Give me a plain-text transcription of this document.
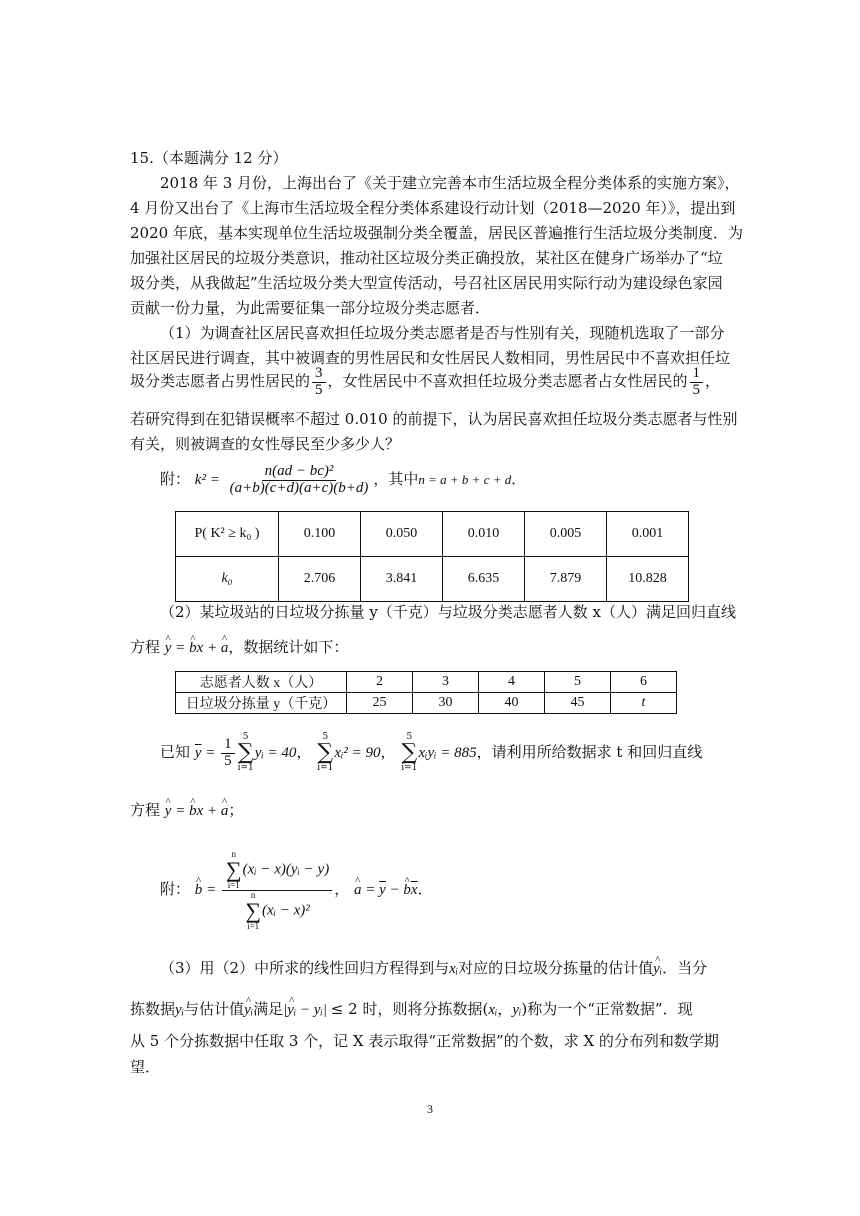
15.（本题满分 12 分）
2018 年 3 月份，上海出台了《关于建立完善本市生活垃圾全程分类体系的实施方案》，
4 月份又出台了《上海市生活垃圾全程分类体系建设行动计划（2018—2020 年）》，提出到
2020 年底，基本实现单位生活垃圾强制分类全覆盖，居民区普遍推行生活垃圾分类制度．为
加强社区居民的垃圾分类意识，推动社区垃圾分类正确投放，某社区在健身广场举办了“垃
圾分类，从我做起”生活垃圾分类大型宣传活动，号召社区居民用实际行动为建设绿色家园
贡献一份力量，为此需要征集一部分垃圾分类志愿者．
（1）为调查社区居民喜欢担任垃圾分类志愿者是否与性别有关，现随机选取了一部分
社区居民进行调查，其中被调查的男性居民和女性居民人数相同，男性居民中不喜欢担任垃
圾分类志愿者占男性居民的 $\frac{3}{5}$ ，女性居民中不喜欢担任垃圾分类志愿者占女性居民的 $\frac{1}{5}$ ，
若研究得到在犯错误概率不超过 0.010 的前提下，认为居民喜欢担任垃圾分类志愿者与性别
有关，则被调查的女性辱民至少多少人？
附： $k^2 = \frac{\text{n(ad − bc)²}}{(a+b)(c+d)(a+c)(b+d)}$ ，其中n = a + b + c + d．
P( K² ≥ k₀ )	0.100	0.050	0.010	0.005	0.001
k₀	2.706	3.841	6.635	7.879	10.828
（2）某垃圾站的日垃圾分拣量 y（千克）与垃圾分类志愿者人数 x（人）满足回归直线
方程 ^ y = ^ bx + ^ a，数据统计如下：
志愿者人数 x（人）	2	3	4	5	6
日垃圾分拣量 y（千克）	25	30	40	45	t
已知 $\overline{y} = \frac{1}{5} 5$
∑
i=1
yᵢ = 40，
5
∑
i=1
xᵢ² = 90，
5
∑
i=1
xᵢyᵢ = 885，请利用所给数据求 t 和回归直线
方程 ^ y = ^ bx + ^ a；
附： ^ b = n
∑
i=1
(xᵢ − x)(yᵢ − y)
n
∑
i=1
(xᵢ − x)² ， ^ $a = \overline{y}$ − ^ $b\overline{x}$．
（3）用（2）中所求的线性回归方程得到与xᵢ对应的日垃圾分拣量的估计值^ yᵢ．当分
拣数据yᵢ与估计值^ yᵢ满足|^ yᵢ − yᵢ| ≤ 2 时，则将分拣数据(xᵢ，yᵢ)称为一个“正常数据”．现
从 5 个分拣数据中任取 3 个，记 X 表示取得“正常数据”的个数，求 X 的分布列和数学期
望．
3
